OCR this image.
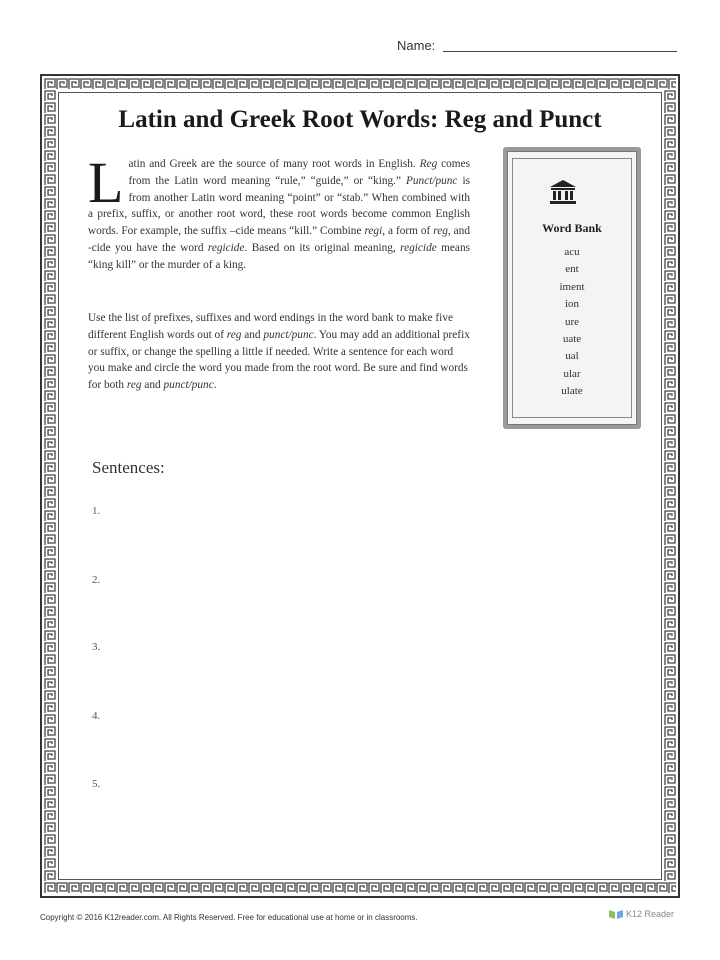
Name:
Latin and Greek Root Words: Reg and Punct
Latin and Greek are the source of many root words in English. Reg comes from the Latin word meaning “rule,” “guide,” or “king.” Punct/punc is from another Latin word meaning “point” or “stab.” When combined with a prefix, suffix, or another root word, these root words become common English words. For example, the suffix –cide means “kill.” Combine regi, a form of reg, and -cide you have the word regicide. Based on its original meaning, regicide means “king kill” or the murder of a king.
Use the list of prefixes, suffixes and word endings in the word bank to make five different English words out of reg and punct/punc. You may add an additional prefix or suffix, or change the spelling a little if needed. Write a sentence for each word you make and circle the word you made from the root word. Be sure and find words for both reg and punct/punc.
Word Bank
acu
ent
iment
ion
ure
uate
ual
ular
ulate
Sentences:
1.
2.
3.
4.
5.
Copyright © 2016 K12reader.com. All Rights Reserved. Free for educational use at home or in classrooms.	K12 Reader
